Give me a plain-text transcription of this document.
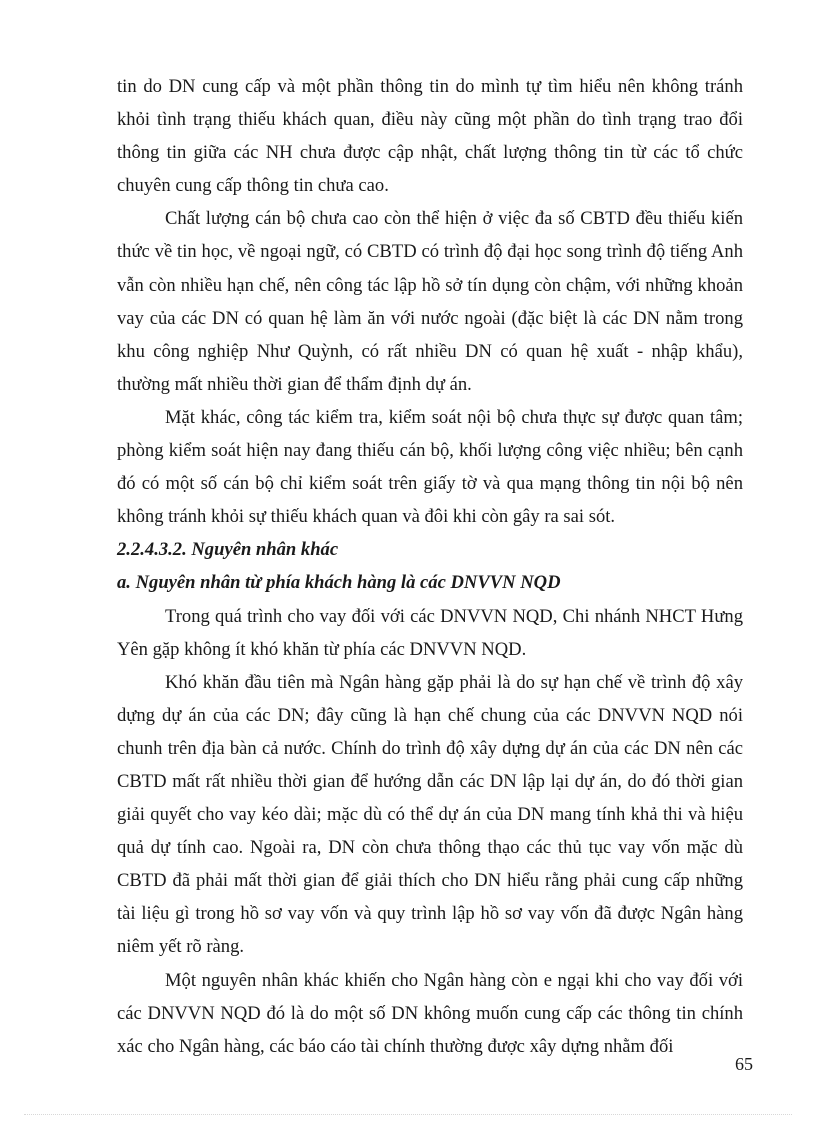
tin do DN cung cấp và một phần thông tin do mình tự tìm hiểu nên không tránh khỏi tình trạng thiếu khách quan, điều này cũng một phần do tình trạng trao đổi thông tin giữa các NH chưa được cập nhật, chất lượng thông tin từ các tổ chức chuyên cung cấp thông tin chưa cao.

Chất lượng cán bộ chưa cao còn thể hiện ở việc đa số CBTD đều thiếu kiến thức về tin học, về ngoại ngữ, có CBTD có trình độ đại học song trình độ tiếng Anh vẫn còn nhiều hạn chế, nên công tác lập hồ sở tín dụng còn chậm, với những khoản vay của các DN có quan hệ làm ăn với nước ngoài (đặc biệt là các DN nằm trong khu công nghiệp Như Quỳnh, có rất nhiều DN có quan hệ xuất - nhập khẩu), thường mất nhiều thời gian để thẩm định dự án.

Mặt khác, công tác kiểm tra, kiểm soát nội bộ chưa thực sự được quan tâm; phòng kiểm soát hiện nay đang thiếu cán bộ, khối lượng công việc nhiều; bên cạnh đó có một số cán bộ chỉ kiểm soát trên giấy tờ và qua mạng thông tin nội bộ nên không tránh khỏi sự thiếu khách quan và đôi khi còn gây ra sai sót.

2.2.4.3.2. Nguyên nhân khác
a. Nguyên nhân từ phía khách hàng là các DNVVN NQD

Trong quá trình cho vay đối với các DNVVN NQD, Chi nhánh NHCT Hưng Yên gặp không ít khó khăn từ phía các DNVVN NQD.

Khó khăn đầu tiên mà Ngân hàng gặp phải là do sự hạn chế về trình độ xây dựng dự án của các DN; đây cũng là hạn chế chung của các DNVVN NQD nói chunh trên địa bàn cả nước. Chính do trình độ xây dựng dự án của các DN nên các CBTD mất rất nhiều thời gian để hướng dẫn các DN lập lại dự án, do đó thời gian giải quyết cho vay kéo dài; mặc dù có thể dự án của DN mang tính khả thi và hiệu quả dự tính cao. Ngoài ra, DN còn chưa thông thạo các thủ tục vay vốn mặc dù CBTD đã phải mất thời gian để giải thích cho DN hiểu rằng phải cung cấp những tài liệu gì trong hồ sơ vay vốn và quy trình lập hồ sơ vay vốn đã được Ngân hàng niêm yết rõ ràng.

Một nguyên nhân khác khiến cho Ngân hàng còn e ngại khi cho vay đối với các DNVVN NQD đó là do một số DN không muốn cung cấp các thông tin chính xác cho Ngân hàng, các báo cáo tài chính thường được xây dựng nhằm đối

65
